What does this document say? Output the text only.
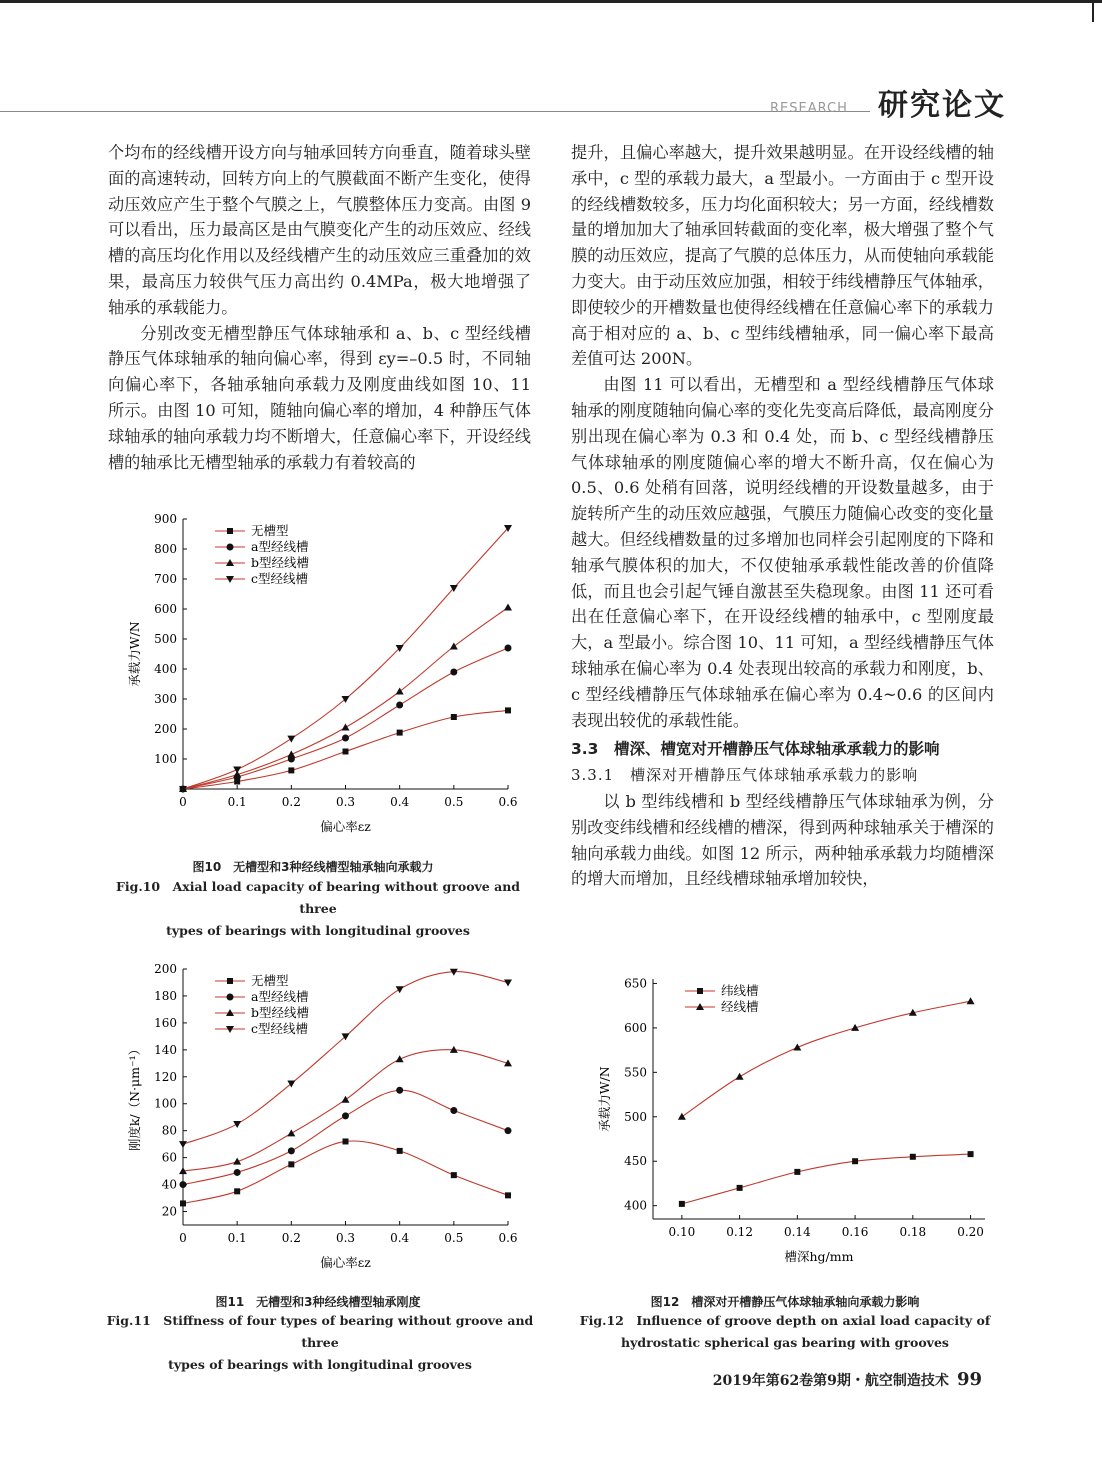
RESEARCH 研究论文

个均布的经线槽开设方向与轴承回转方向垂直，随着球头壁面的高速转动，回转方向上的气膜截面不断产生变化，使得动压效应产生于整个气膜之上，气膜整体压力变高。由图 9 可以看出，压力最高区是由气膜变化产生的动压效应、经线槽的高压均化作用以及经线槽产生的动压效应三重叠加的效果，最高压力较供气压力高出约 0.4MPa，极大地增强了轴承的承载能力。

分别改变无槽型静压气体球轴承和 a、b、c 型经线槽静压气体球轴承的轴向偏心率，得到 εy=–0.5 时，不同轴向偏心率下，各轴承轴向承载力及刚度曲线如图 10、11 所示。由图 10 可知，随轴向偏心率的增加，4 种静压气体球轴承的轴向承载力均不断增大，任意偏心率下，开设经线槽的轴承比无槽型轴承的承载力有着较高的

提升，且偏心率越大，提升效果越明显。在开设经线槽的轴承中，c 型的承载力最大，a 型最小。一方面由于 c 型开设的经线槽数较多，压力均化面积较大；另一方面，经线槽数量的增加加大了轴承回转截面的变化率，极大增强了整个气膜的动压效应，提高了气膜的总体压力，从而使轴向承载能力变大。由于动压效应加强，相较于纬线槽静压气体轴承，即使较少的开槽数量也使得经线槽在任意偏心率下的承载力高于相对应的 a、b、c 型纬线槽轴承，同一偏心率下最高差值可达 200N。

由图 11 可以看出，无槽型和 a 型经线槽静压气体球轴承的刚度随轴向偏心率的变化先变高后降低，最高刚度分别出现在偏心率为 0.3 和 0.4 处，而 b、c 型经线槽静压气体球轴承的刚度随偏心率的增大不断升高，仅在偏心为 0.5、0.6 处稍有回落，说明经线槽的开设数量越多，由于旋转所产生的动压效应越强，气膜压力随偏心改变的变化量越大。但经线槽数量的过多增加也同样会引起刚度的下降和轴承气膜体积的加大，不仅使轴承承载性能改善的价值降低，而且也会引起气锤自激甚至失稳现象。由图 11 还可看出在任意偏心率下，在开设经线槽的轴承中，c 型刚度最大，a 型最小。综合图 10、11 可知，a 型经线槽静压气体球轴承在偏心率为 0.4 处表现出较高的承载力和刚度，b、c 型经线槽静压气体球轴承在偏心率为 0.4~0.6 的区间内表现出较优的承载性能。

3.3　槽深、槽宽对开槽静压气体球轴承承载力的影响

3.3.1　槽深对开槽静压气体球轴承承载力的影响

以 b 型纬线槽和 b 型经线槽静压气体球轴承为例，分别改变纬线槽和经线槽的槽深，得到两种球轴承关于槽深的轴向承载力曲线。如图 12 所示，两种轴承承载力均随槽深的增大而增加，且经线槽球轴承增加较快，

100
200
300
400
500
600
700
800
900
0	0.1	0.2	0.3	0.4	0.5	0.6
偏心率εz
承载力W/N
无槽型
a型经线槽
b型经线槽
c型经线槽
图10　无槽型和3种经线槽型轴承轴向承载力
Fig.10　Axial load capacity of bearing without groove and three
types of bearings with longitudinal grooves
20
40
60
80
100
120
140
160
180
200
0	0.1	0.2	0.3	0.4	0.5	0.6
偏心率εz
刚度k/（N·μm⁻¹）
无槽型
a型经线槽
b型经线槽
c型经线槽
图11　无槽型和3种经线槽型轴承刚度
Fig.11　Stiffness of four types of bearing without groove and three
types of bearings with longitudinal grooves
400
450
500
550
600
650
0.10	0.12	0.14	0.16	0.18	0.20
槽深hg/mm
承载力W/N
纬线槽
经线槽
图12　槽深对开槽静压气体球轴承轴向承载力影响
Fig.12　Influence of groove depth on axial load capacity of
hydrostatic spherical gas bearing with grooves
2019年第62卷第9期・航空制造技术 99
